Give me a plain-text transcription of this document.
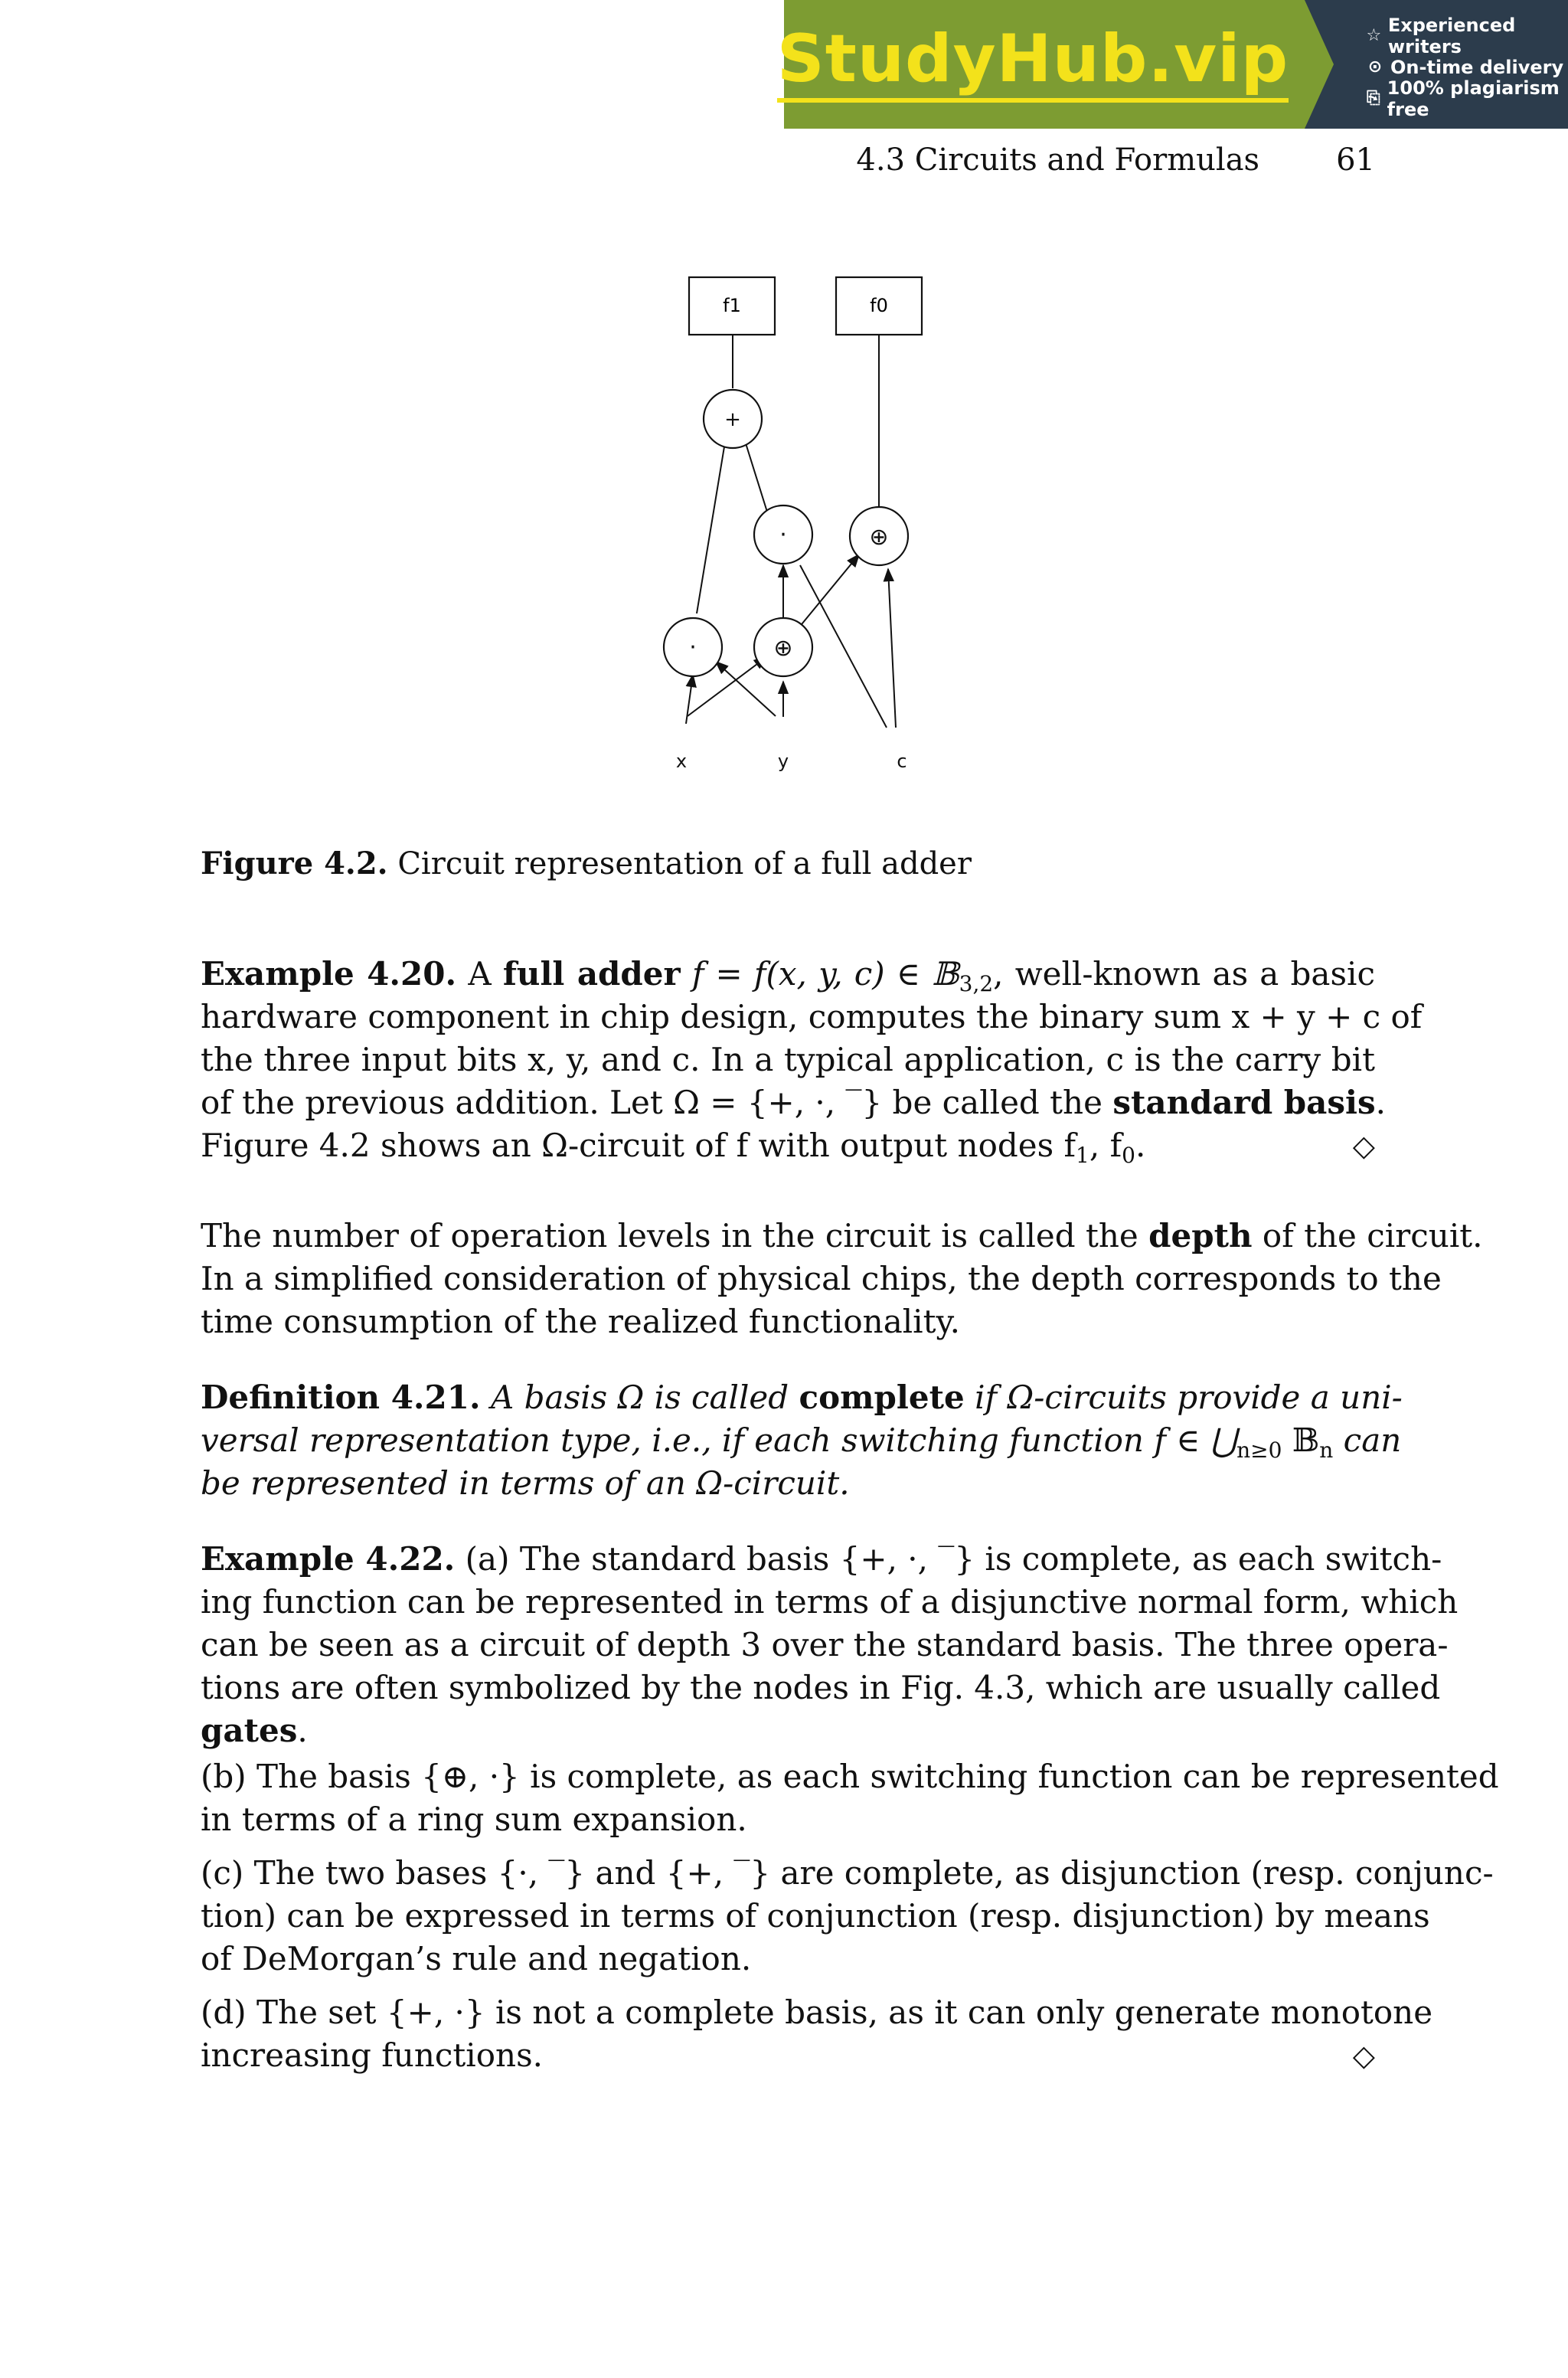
StudyHub.vip	☆ Experienced writers
⊙ On-time delivery
⎘ 100% plagiarism free
4.3 Circuits and Formulas	61
f1	f0
+
·	⊕
·	⊕
x	y	c
Figure 4.2. Circuit representation of a full adder
Example 4.20. A full adder f = f(x, y, c) ∈ 𝔹$_{3,2}$, well-known as a basic
hardware component in chip design, computes the binary sum x + y + c of
the three input bits x, y, and c. In a typical application, c is the carry bit
of the previous addition. Let Ω = {+, ·, ‾} be called the standard basis.
Figure 4.2 shows an Ω-circuit of f with output nodes $f_1$, $f_0$.	◇
The number of operation levels in the circuit is called the depth of the circuit.
In a simplified consideration of physical chips, the depth corresponds to the
time consumption of the realized functionality.
Definition 4.21. A basis Ω is called complete if Ω-circuits provide a uni-
versal representation type, i.e., if each switching function f ∈ $⋃_{n\ge 0}$ 𝔹$_n$ can
be represented in terms of an Ω-circuit.
Example 4.22. (a) The standard basis {+, ·, ‾} is complete, as each switch-
ing function can be represented in terms of a disjunctive normal form, which
can be seen as a circuit of depth 3 over the standard basis. The three opera-
tions are often symbolized by the nodes in Fig. 4.3, which are usually called
gates.
(b) The basis {⊕, ·} is complete, as each switching function can be represented
in terms of a ring sum expansion.
(c) The two bases {·, ‾} and {+, ‾} are complete, as disjunction (resp. conjunc-
tion) can be expressed in terms of conjunction (resp. disjunction) by means
of DeMorgan’s rule and negation.
(d) The set {+, ·} is not a complete basis, as it can only generate monotone
increasing functions.	◇
